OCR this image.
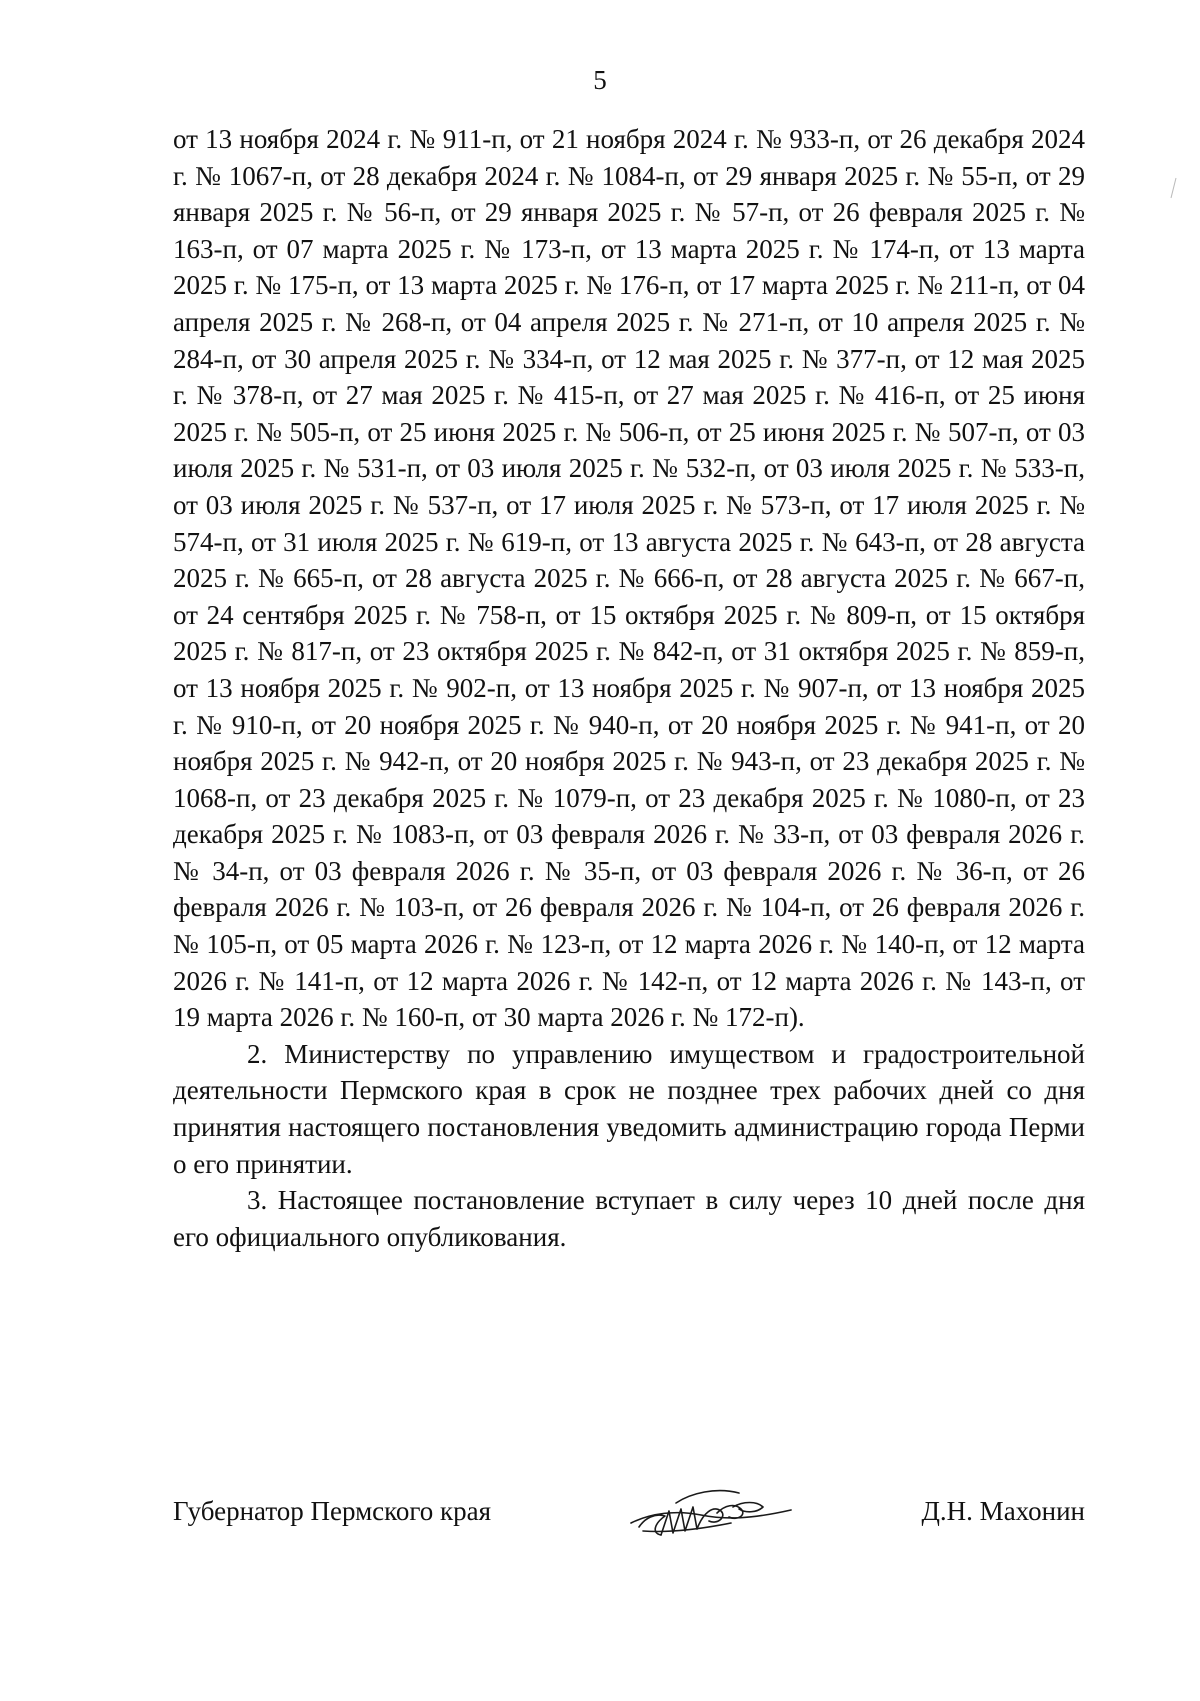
5

от 13 ноября 2024 г. № 911-п, от 21 ноября 2024 г. № 933-п, от 26 декабря 2024 г. № 1067-п, от 28 декабря 2024 г. № 1084-п, от 29 января 2025 г. № 55-п, от 29 января 2025 г. № 56-п, от 29 января 2025 г. № 57-п, от 26 февраля 2025 г. № 163-п, от 07 марта 2025 г. № 173-п, от 13 марта 2025 г. № 174-п, от 13 марта 2025 г. № 175-п, от 13 марта 2025 г. № 176-п, от 17 марта 2025 г. № 211-п, от 04 апреля 2025 г. № 268-п, от 04 апреля 2025 г. № 271-п, от 10 апреля 2025 г. № 284-п, от 30 апреля 2025 г. № 334-п, от 12 мая 2025 г. № 377-п, от 12 мая 2025 г. № 378-п, от 27 мая 2025 г. № 415-п, от 27 мая 2025 г. № 416-п, от 25 июня 2025 г. № 505-п, от 25 июня 2025 г. № 506-п, от 25 июня 2025 г. № 507-п, от 03 июля 2025 г. № 531-п, от 03 июля 2025 г. № 532-п, от 03 июля 2025 г. № 533-п, от 03 июля 2025 г. № 537-п, от 17 июля 2025 г. № 573-п, от 17 июля 2025 г. № 574-п, от 31 июля 2025 г. № 619-п, от 13 августа 2025 г. № 643-п, от 28 августа 2025 г. № 665-п, от 28 августа 2025 г. № 666-п, от 28 августа 2025 г. № 667-п, от 24 сентября 2025 г. № 758-п, от 15 октября 2025 г. № 809-п, от 15 октября 2025 г. № 817-п, от 23 октября 2025 г. № 842-п, от 31 октября 2025 г. № 859-п, от 13 ноября 2025 г. № 902-п, от 13 ноября 2025 г. № 907-п, от 13 ноября 2025 г. № 910-п, от 20 ноября 2025 г. № 940-п, от 20 ноября 2025 г. № 941-п, от 20 ноября 2025 г. № 942-п, от 20 ноября 2025 г. № 943-п, от 23 декабря 2025 г. № 1068-п, от 23 декабря 2025 г. № 1079-п, от 23 декабря 2025 г. № 1080-п, от 23 декабря 2025 г. № 1083-п, от 03 февраля 2026 г. № 33-п, от 03 февраля 2026 г. № 34-п, от 03 февраля 2026 г. № 35-п, от 03 февраля 2026 г. № 36-п, от 26 февраля 2026 г. № 103-п, от 26 февраля 2026 г. № 104-п, от 26 февраля 2026 г. № 105-п, от 05 марта 2026 г. № 123-п, от 12 марта 2026 г. № 140-п, от 12 марта 2026 г. № 141-п, от 12 марта 2026 г. № 142-п, от 12 марта 2026 г. № 143-п, от 19 марта 2026 г. № 160-п, от 30 марта 2026 г. № 172-п).

2. Министерству по управлению имуществом и градостроительной деятельности Пермского края в срок не позднее трех рабочих дней со дня принятия настоящего постановления уведомить администрацию города Перми о его принятии.

3. Настоящее постановление вступает в силу через 10 дней после дня его официального опубликования.

Губернатор Пермского края	Д.Н. Махонин
